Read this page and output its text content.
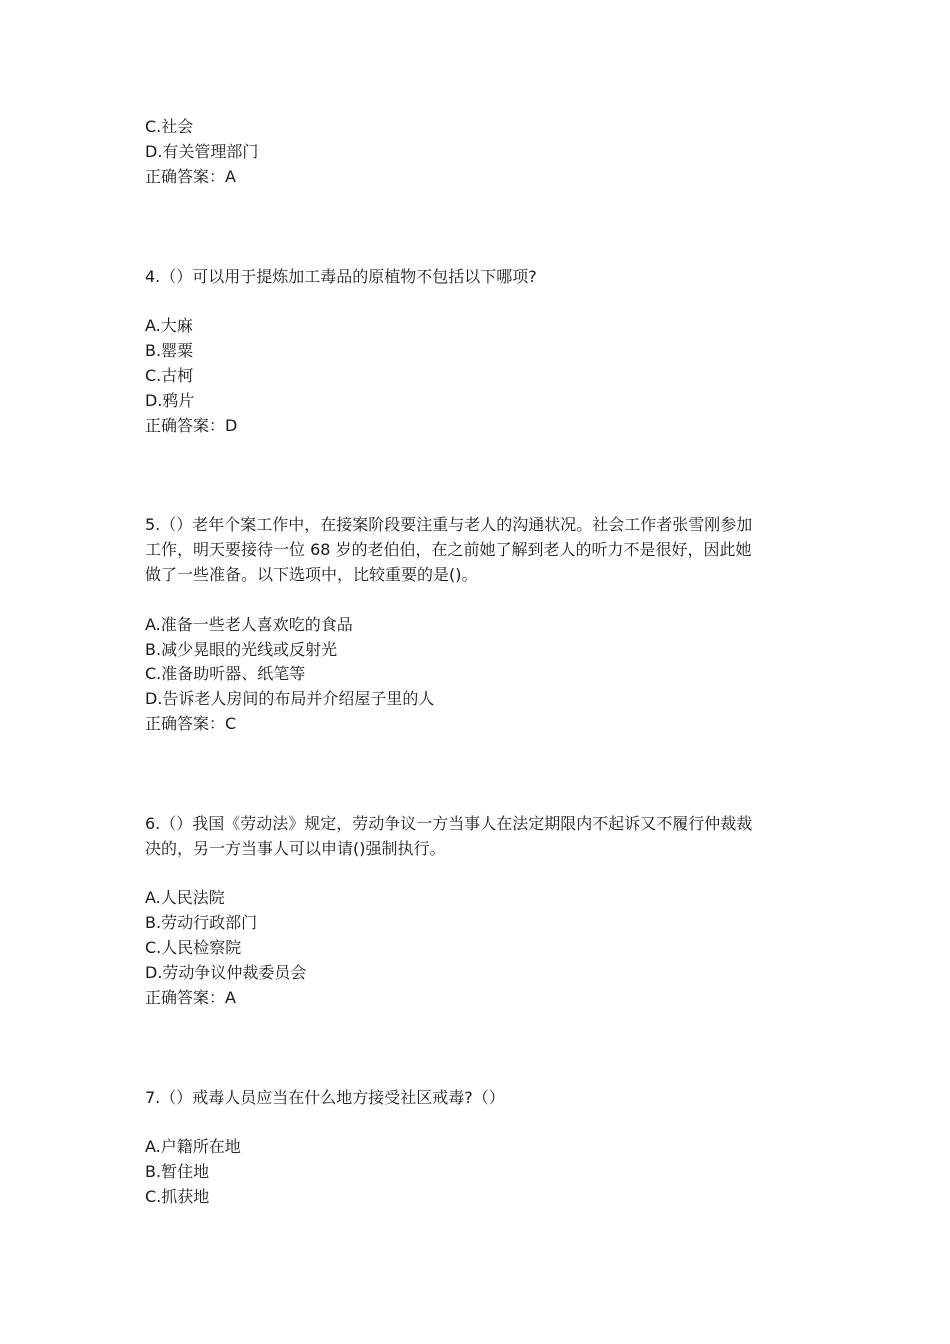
C.社会
D.有关管理部门
正确答案：A
4.（）可以用于提炼加工毒品的原植物不包括以下哪项?
A.大麻
B.罂粟
C.古柯
D.鸦片
正确答案：D
5.（）老年个案工作中，在接案阶段要注重与老人的沟通状况。社会工作者张雪刚参加
工作，明天要接待一位 68 岁的老伯伯，在之前她了解到老人的听力不是很好，因此她
做了一些准备。以下选项中，比较重要的是()。
A.准备一些老人喜欢吃的食品
B.减少晃眼的光线或反射光
C.准备助听器、纸笔等
D.告诉老人房间的布局并介绍屋子里的人
正确答案：C
6.（）我国《劳动法》规定，劳动争议一方当事人在法定期限内不起诉又不履行仲裁裁
决的，另一方当事人可以申请()强制执行。
A.人民法院
B.劳动行政部门
C.人民检察院
D.劳动争议仲裁委员会
正确答案：A
7.（）戒毒人员应当在什么地方接受社区戒毒?（）
A.户籍所在地
B.暂住地
C.抓获地
